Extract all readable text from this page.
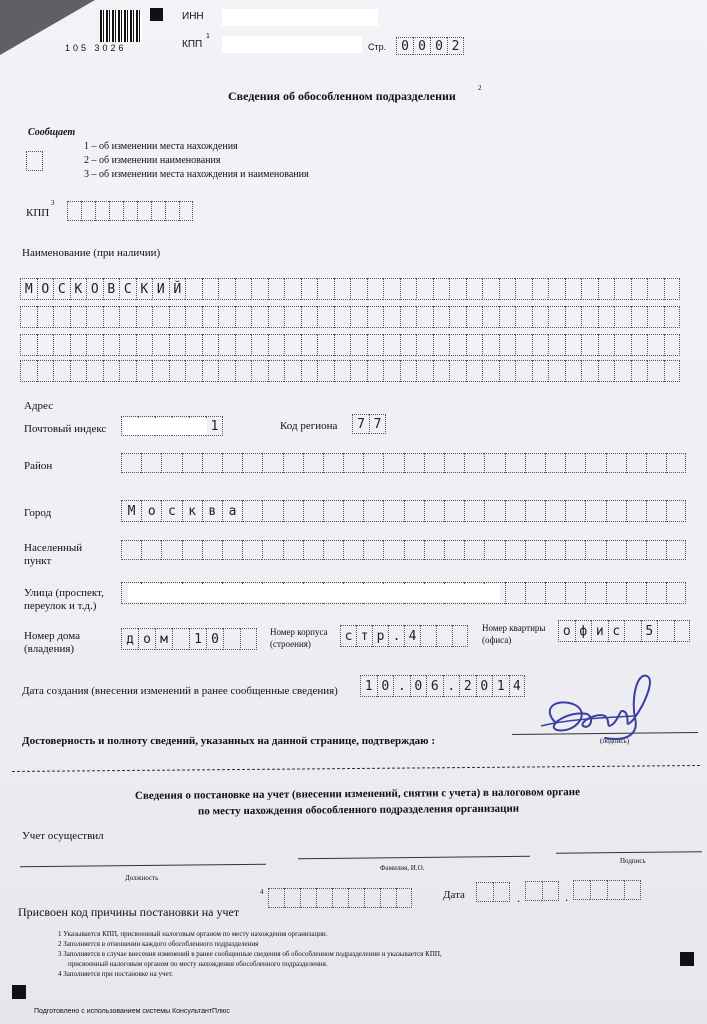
105 3026
ИНН
КПП
1
Стр.	0 0 0 2
Сведения об обособленном подразделении
2
Сообщает
1 – об изменении места нахождения
2 – об изменении наименования
3 – об изменении места нахождения и наименования
КПП
3
Наименование (при наличии)
М О С К О В С К И Й
Адрес
Почтовый индекс	1	Код региона	7 7
Район
Город	М о с к в а
Населенный
пункт
Улица (проспект,
переулок и т.д.)
Номер дома
(владения)
д о м	1 0	Номер корпуса
(строения)
с т р . 4
Номер квартиры
(офиса)
о ф и с	5
Дата создания (внесения изменений в ранее сообщенные сведения)	1 0 . 0 6 . 2 0 1 4
Достоверность и полноту сведений, указанных на данной странице, подтверждаю :	(подпись)
Сведения о постановке на учет (внесении изменений, снятии с учета) в налоговом органе
по месту нахождения обособленного подразделения организации
Учет осуществил
Должность
Фамилия, И.О.
Подпись
Присвоен код причины постановки на учет
4	Дата	.	.
1 Указывается КПП, присвоенный налоговым органом по месту нахождения организации.
2 Заполняется в отношении каждого обособленного подразделения
3 Заполняется в случае внесения изменений в ранее сообщенные сведения об обособленном подразделении и указывается КПП,
присвоенный налоговым органом по месту нахождения обособленного подразделения.
4 Заполняется при постановке на учет.
Подготовлено с использованием системы КонсультантПлюс
